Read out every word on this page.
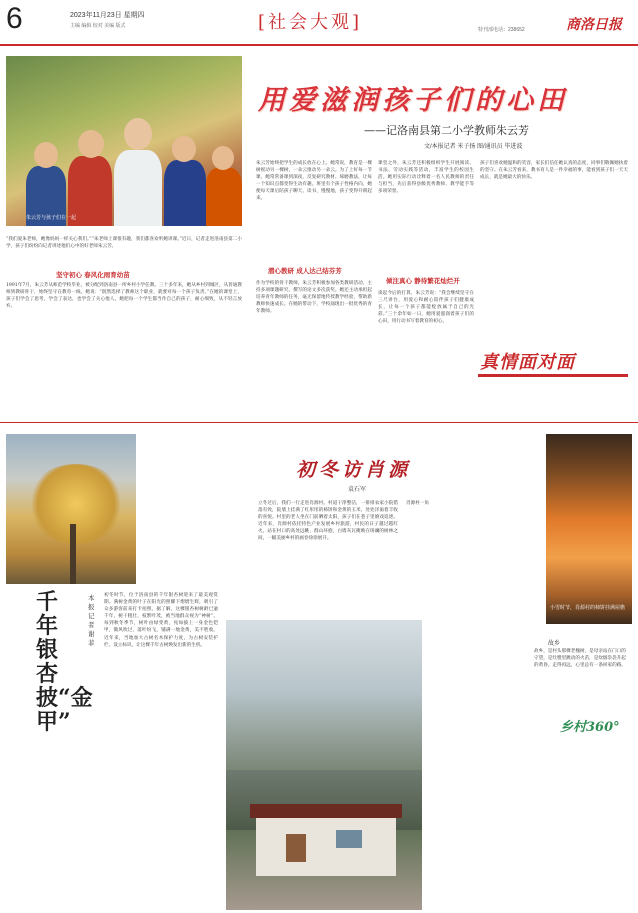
6	2023年11月23日 星期四
主编 编辑 校对 美编 版式	[社会大观]	特刊部电话：238652	商洛日报
朱云芳与孩子们在一起
用爱滋润孩子们的心田
——记洛南县第二小学教师朱云芳
文/本报记者 米子扬 图/通讯员 毕进波
“我们爱朱老师，她像妈妈一样关心我们。”“朱老师上课很有趣，我们都喜欢听她讲课。”近日，记者走进洛南县第二小学，孩子们纷纷向记者讲述他们心中的好老师朱云芳。
坚守初心 春风化雨育幼苗
1991年7月，朱云芳从师范学校毕业，被分配到洛南县一所乡村小学任教。三十多年来，她从乡村到城区，从普通教师到教研骨干，始终坚守在教育一线。她说：“既然选择了教师这个职业，就要对每一个孩子负责。”在她的课堂上，孩子们学会了思考，学会了表达，也学会了关心他人。她把每一个学生都当作自己的孩子，耐心细致，从不轻言放弃。
朱云芳始终把学生的成长放在心上。她常说，教育是一棵树摇动另一棵树，一朵云推动另一朵云。为了上好每一节课，她常常备课到深夜，反复研究教材、琢磨教法，让每一个知识点都变得生动有趣。班里有个孩子性格内向，她便每天课后陪孩子聊天、读书，慢慢地，孩子变得开朗起来。
潜心教研 成人达己结芬芳
作为学校的骨干教师，朱云芳积极参加各类教研活动，主持多项课题研究，撰写的论文多次获奖。她还主动承担起培养青年教师的任务，毫无保留地传授教学经验，帮助新教师快速成长。在她的带动下，学校涌现出一批优秀的青年教师。
课堂之外，朱云芳还积极组织学生开展阅读、书法、劳动实践等活动，丰富学生的校园生活。她用实际行动诠释着一名人民教师的责任与担当，先后获得县级优秀教师、教学能手等多项荣誉。
倾注真心 静待繁花灿烂开
谈起今后的打算，朱云芳说：“我会继续坚守在三尺讲台，用爱心和耐心陪伴孩子们健康成长，让每一个孩子都能绽放属于自己的光彩。”三十余年如一日，她用爱滋润着孩子们的心田，用行动书写着教育的初心。
孩子们喜欢她温和的笑容，家长们信任她认真的态度，同事们敬佩她执着的坚守。在朱云芳看来，教书育人是一件幸福的事，能看到孩子们一天天成长，就是她最大的快乐。
真情面对面
千年银杏披“金甲”
本报记者 谢菲
初冬时节，位于洛南县的千年银杏树迎来了最美观赏期。满树金黄的叶子在阳光的照耀下熠熠生辉，吸引了众多游客前来打卡拍照。据了解，这棵银杏树树龄已逾千年，树干粗壮，枝繁叶茂，被当地群众视为“神树”。每到秋冬季节，树叶由绿变黄，宛如披上一身金色铠甲，微风吹过，落叶纷飞，铺满一地金黄，美不胜收。近年来，当地加大古树名木保护力度，为古树安装护栏、设立标识，让这棵千年古树焕发出新的生机。
初冬访肖源
袁石军
立冬过后，我们一行走进肖源村。村道干净整洁，一排排农家小院错落有致，院墙上挂满了红彤彤的柿饼和金黄的玉米，处处洋溢着丰收的喜悦。村里的老人坐在门前晒着太阳，孩子们在巷子里嬉戏追逐。近年来，肖源村依托特色产业发展乡村旅游，村民的日子越过越红火。站在村口的高处远眺，群山环抱，白墙灰瓦掩映在斑斓的树林之间，一幅美丽乡村的画卷徐徐展开。
肖源村一角
小雪时节，肖源村的柿饼挂满屋檐
故乡
故乡，是村头那棵老槐树，是母亲站在门口的守望，是灶膛里跳动的火苗，是炊烟袅袅升起的黄昏。走得再远，心里总有一条回家的路。
乡村360°
